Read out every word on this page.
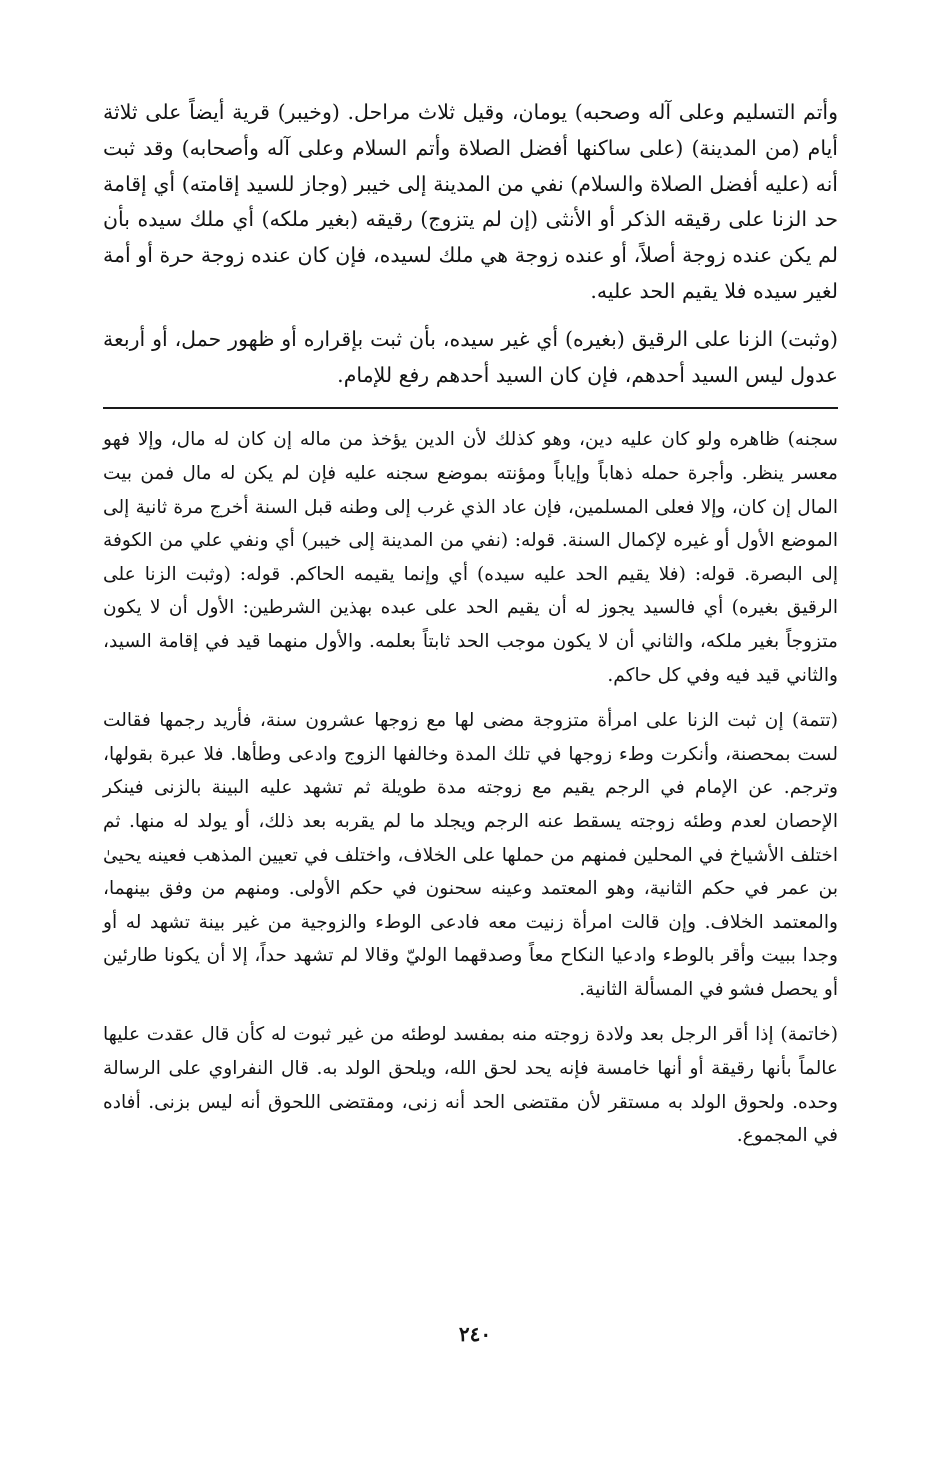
وأتم التسليم وعلى آله وصحبه) يومان، وقيل ثلاث مراحل. (وخيبر) قرية أيضاً على ثلاثة أيام (من المدينة) (على ساكنها أفضل الصلاة وأتم السلام وعلى آله وأصحابه) وقد ثبت أنه (عليه أفضل الصلاة والسلام) نفي من المدينة إلى خيبر (وجاز للسيد إقامته) أي إقامة حد الزنا على رقيقه الذكر أو الأنثى (إن لم يتزوج) رقيقه (بغير ملكه) أي ملك سيده بأن لم يكن عنده زوجة أصلاً، أو عنده زوجة هي ملك لسيده، فإن كان عنده زوجة حرة أو أمة لغير سيده فلا يقيم الحد عليه.

(وثبت) الزنا على الرقيق (بغيره) أي غير سيده، بأن ثبت بإقراره أو ظهور حمل، أو أربعة عدول ليس السيد أحدهم، فإن كان السيد أحدهم رفع للإمام.

سجنه) ظاهره ولو كان عليه دين، وهو كذلك لأن الدين يؤخذ من ماله إن كان له مال، وإلا فهو معسر ينظر. وأجرة حمله ذهاباً وإياباً ومؤنته بموضع سجنه عليه فإن لم يكن له مال فمن بيت المال إن كان، وإلا فعلى المسلمين، فإن عاد الذي غرب إلى وطنه قبل السنة أخرج مرة ثانية إلى الموضع الأول أو غيره لإكمال السنة. قوله: (نفي من المدينة إلى خيبر) أي ونفي علي من الكوفة إلى البصرة. قوله: (فلا يقيم الحد عليه سيده) أي وإنما يقيمه الحاكم. قوله: (وثبت الزنا على الرقيق بغيره) أي فالسيد يجوز له أن يقيم الحد على عبده بهذين الشرطين: الأول أن لا يكون متزوجاً بغير ملكه، والثاني أن لا يكون موجب الحد ثابتاً بعلمه. والأول منهما قيد في إقامة السيد، والثاني قيد فيه وفي كل حاكم.

(تتمة) إن ثبت الزنا على امرأة متزوجة مضى لها مع زوجها عشرون سنة، فأريد رجمها فقالت لست بمحصنة، وأنكرت وطء زوجها في تلك المدة وخالفها الزوج وادعى وطأها. فلا عبرة بقولها، وترجم. عن الإمام في الرجم يقيم مع زوجته مدة طويلة ثم تشهد عليه البينة بالزنى فينكر الإحصان لعدم وطئه زوجته يسقط عنه الرجم ويجلد ما لم يقربه بعد ذلك، أو يولد له منها. ثم اختلف الأشياخ في المحلين فمنهم من حملها على الخلاف، واختلف في تعيين المذهب فعينه يحيىٰ بن عمر في حكم الثانية، وهو المعتمد وعينه سحنون في حكم الأولى. ومنهم من وفق بينهما، والمعتمد الخلاف. وإن قالت امرأة زنيت معه فادعى الوطء والزوجية من غير بينة تشهد له أو وجدا ببيت وأقر بالوطء وادعيا النكاح معاً وصدقهما الوليّ وقالا لم تشهد حداً، إلا أن يكونا طارئين أو يحصل فشو في المسألة الثانية.

(خاتمة) إذا أقر الرجل بعد ولادة زوجته منه بمفسد لوطئه من غير ثبوت له كأن قال عقدت عليها عالماً بأنها رقيقة أو أنها خامسة فإنه يحد لحق الله، ويلحق الولد به. قال النفراوي على الرسالة وحده. ولحوق الولد به مستقر لأن مقتضى الحد أنه زنى، ومقتضى اللحوق أنه ليس بزنى. أفاده في المجموع.

٢٤٠
